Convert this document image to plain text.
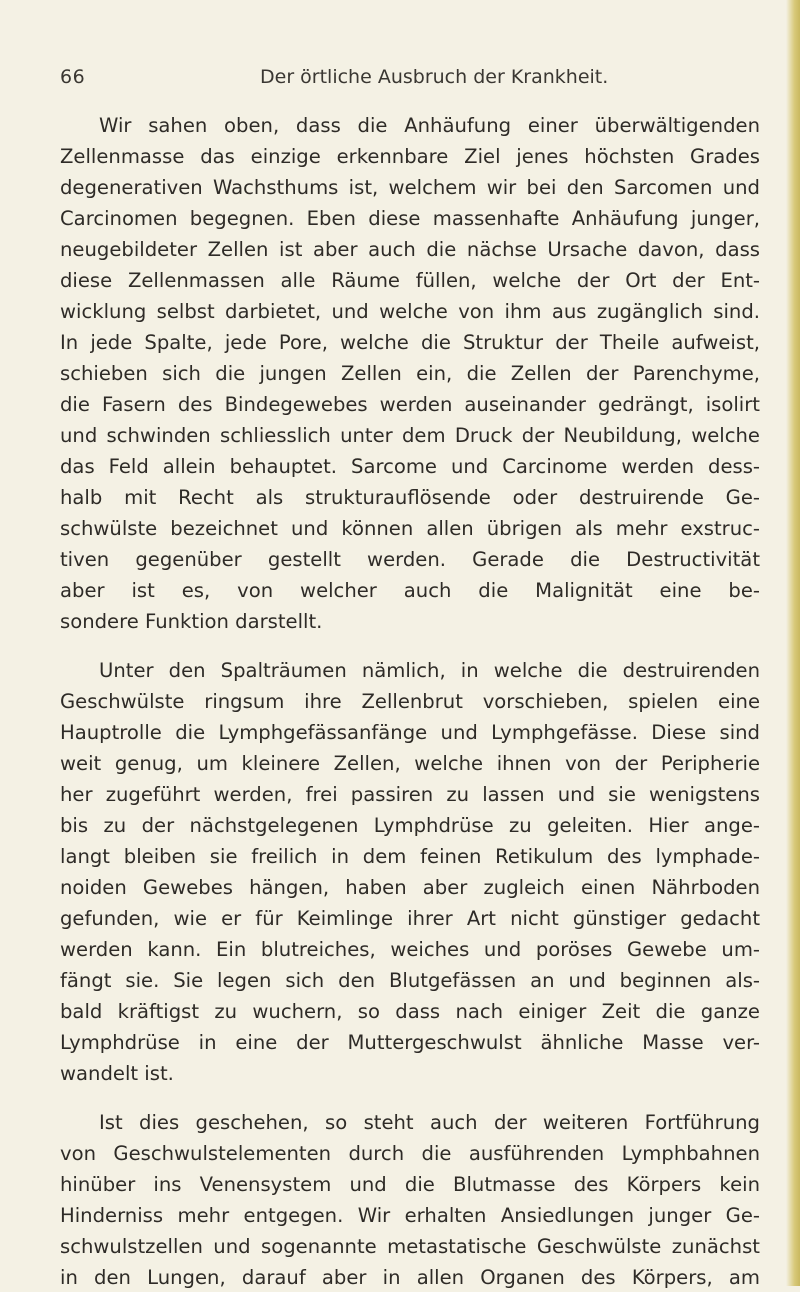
66	Der örtliche Ausbruch der Krankheit.
Wir sahen oben, dass die Anhäufung einer überwältigenden
Zellenmasse das einzige erkennbare Ziel jenes höchsten Grades
degenerativen Wachsthums ist, welchem wir bei den Sarcomen und
Carcinomen begegnen. Eben diese massenhafte Anhäufung junger,
neugebildeter Zellen ist aber auch die nächse Ursache davon, dass
diese Zellenmassen alle Räume füllen, welche der Ort der Ent-
wicklung selbst darbietet, und welche von ihm aus zugänglich sind.
In jede Spalte, jede Pore, welche die Struktur der Theile aufweist,
schieben sich die jungen Zellen ein, die Zellen der Parenchyme,
die Fasern des Bindegewebes werden auseinander gedrängt, isolirt
und schwinden schliesslich unter dem Druck der Neubildung, welche
das Feld allein behauptet. Sarcome und Carcinome werden dess-
halb mit Recht als strukturauflösende oder destruirende Ge-
schwülste bezeichnet und können allen übrigen als mehr exstruc-
tiven gegenüber gestellt werden. Gerade die Destructivität
aber ist es, von welcher auch die Malignität eine be-
sondere Funktion darstellt.
Unter den Spalträumen nämlich, in welche die destruirenden
Geschwülste ringsum ihre Zellenbrut vorschieben, spielen eine
Hauptrolle die Lymphgefässanfänge und Lymphgefässe. Diese sind
weit genug, um kleinere Zellen, welche ihnen von der Peripherie
her zugeführt werden, frei passiren zu lassen und sie wenigstens
bis zu der nächstgelegenen Lymphdrüse zu geleiten. Hier ange-
langt bleiben sie freilich in dem feinen Retikulum des lymphade-
noiden Gewebes hängen, haben aber zugleich einen Nährboden
gefunden, wie er für Keimlinge ihrer Art nicht günstiger gedacht
werden kann. Ein blutreiches, weiches und poröses Gewebe um-
fängt sie. Sie legen sich den Blutgefässen an und beginnen als-
bald kräftigst zu wuchern, so dass nach einiger Zeit die ganze
Lymphdrüse in eine der Muttergeschwulst ähnliche Masse ver-
wandelt ist.
Ist dies geschehen, so steht auch der weiteren Fortführung
von Geschwulstelementen durch die ausführenden Lymphbahnen
hinüber ins Venensystem und die Blutmasse des Körpers kein
Hinderniss mehr entgegen. Wir erhalten Ansiedlungen junger Ge-
schwulstzellen und sogenannte metastatische Geschwülste zunächst
in den Lungen, darauf aber in allen Organen des Körpers, am
